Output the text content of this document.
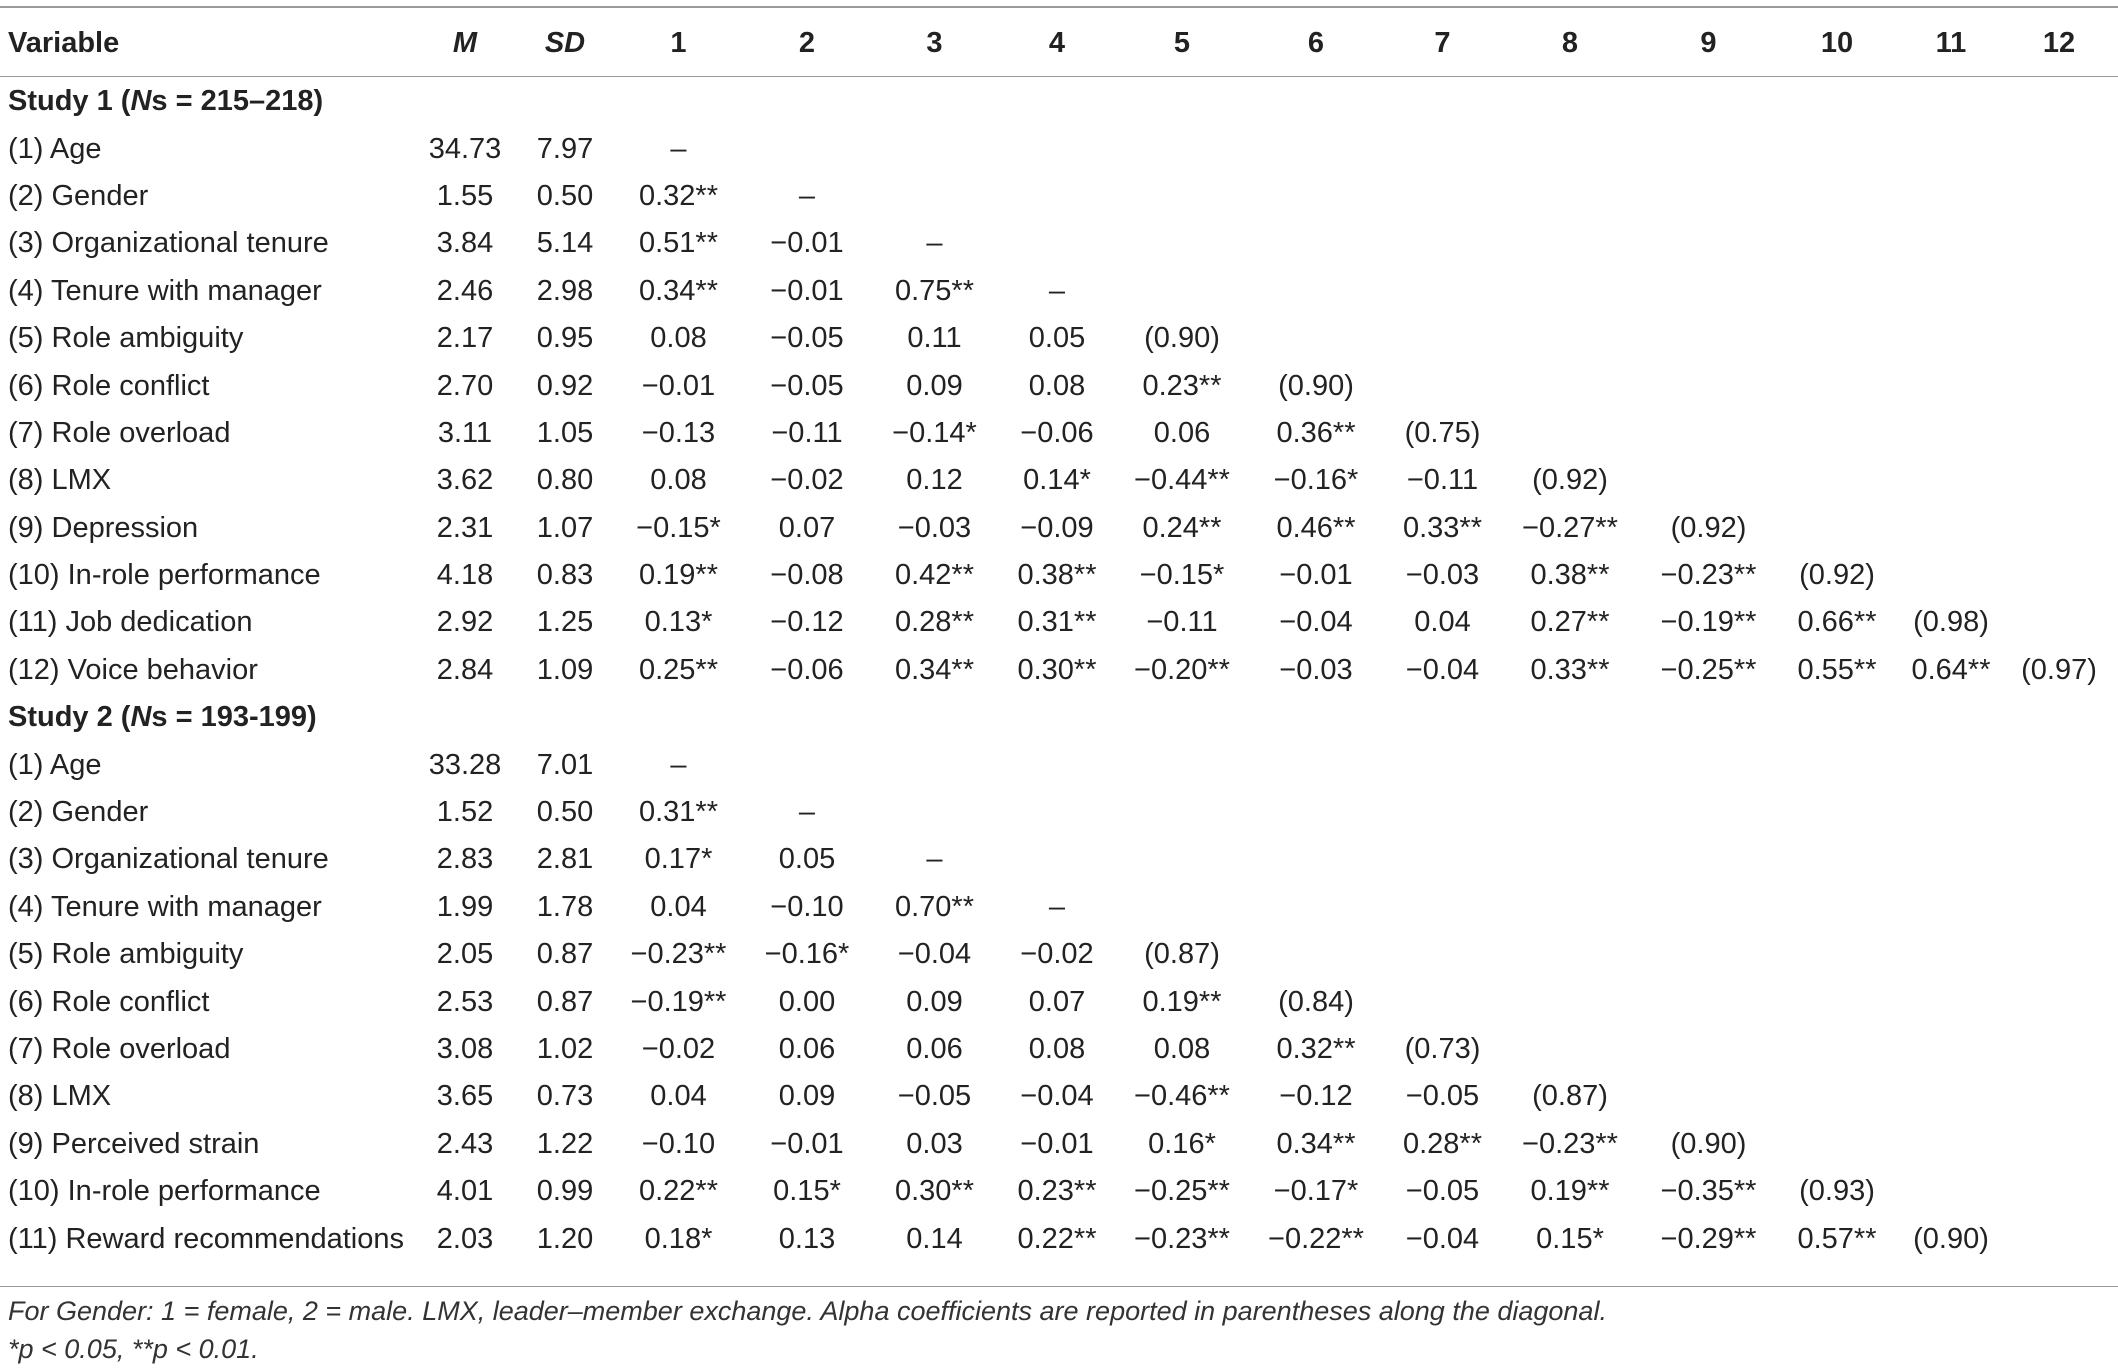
Variable	M	SD	1	2	3	4	5	6	7	8	9	10	11	12
Study 1 (Ns = 215–218)														
(1) Age	34.73	7.97	–											
(2) Gender	1.55	0.50	0.32**	–										
(3) Organizational tenure	3.84	5.14	0.51**	−0.01	–									
(4) Tenure with manager	2.46	2.98	0.34**	−0.01	0.75**	–								
(5) Role ambiguity	2.17	0.95	0.08	−0.05	0.11	0.05	(0.90)							
(6) Role conflict	2.70	0.92	−0.01	−0.05	0.09	0.08	0.23**	(0.90)						
(7) Role overload	3.11	1.05	−0.13	−0.11	−0.14*	−0.06	0.06	0.36**	(0.75)					
(8) LMX	3.62	0.80	0.08	−0.02	0.12	0.14*	−0.44**	−0.16*	−0.11	(0.92)				
(9) Depression	2.31	1.07	−0.15*	0.07	−0.03	−0.09	0.24**	0.46**	0.33**	−0.27**	(0.92)			
(10) In-role performance	4.18	0.83	0.19**	−0.08	0.42**	0.38**	−0.15*	−0.01	−0.03	0.38**	−0.23**	(0.92)		
(11) Job dedication	2.92	1.25	0.13*	−0.12	0.28**	0.31**	−0.11	−0.04	0.04	0.27**	−0.19**	0.66**	(0.98)	
(12) Voice behavior	2.84	1.09	0.25**	−0.06	0.34**	0.30**	−0.20**	−0.03	−0.04	0.33**	−0.25**	0.55**	0.64**	(0.97)
Study 2 (Ns = 193-199)														
(1) Age	33.28	7.01	–											
(2) Gender	1.52	0.50	0.31**	–										
(3) Organizational tenure	2.83	2.81	0.17*	0.05	–									
(4) Tenure with manager	1.99	1.78	0.04	−0.10	0.70**	–								
(5) Role ambiguity	2.05	0.87	−0.23**	−0.16*	−0.04	−0.02	(0.87)							
(6) Role conflict	2.53	0.87	−0.19**	0.00	0.09	0.07	0.19**	(0.84)						
(7) Role overload	3.08	1.02	−0.02	0.06	0.06	0.08	0.08	0.32**	(0.73)					
(8) LMX	3.65	0.73	0.04	0.09	−0.05	−0.04	−0.46**	−0.12	−0.05	(0.87)				
(9) Perceived strain	2.43	1.22	−0.10	−0.01	0.03	−0.01	0.16*	0.34**	0.28**	−0.23**	(0.90)			
(10) In-role performance	4.01	0.99	0.22**	0.15*	0.30**	0.23**	−0.25**	−0.17*	−0.05	0.19**	−0.35**	(0.93)		
(11) Reward recommendations	2.03	1.20	0.18*	0.13	0.14	0.22**	−0.23**	−0.22**	−0.04	0.15*	−0.29**	0.57**	(0.90)	
For Gender: 1 = female, 2 = male. LMX, leader–member exchange. Alpha coefficients are reported in parentheses along the diagonal.
*p < 0.05, **p < 0.01.
